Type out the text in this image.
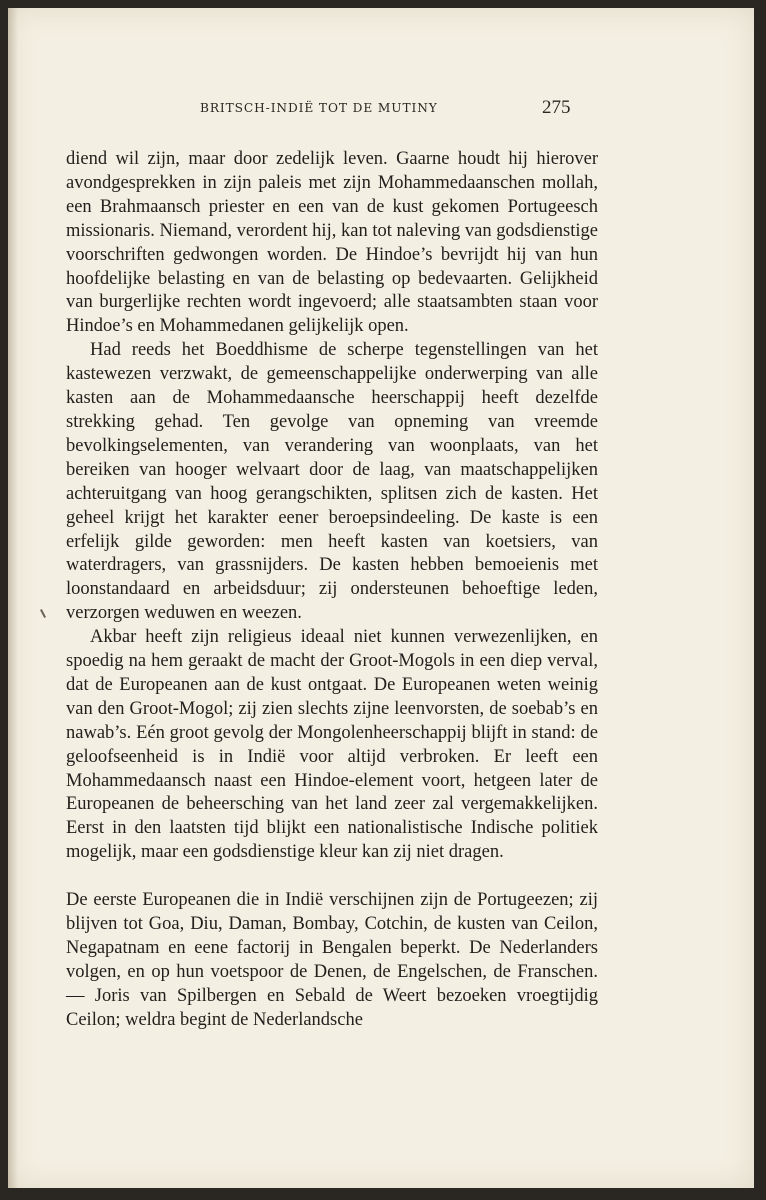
BRITSCH-INDIË TOT DE MUTINY	275

diend wil zijn, maar door zedelijk leven. Gaarne houdt hij hierover avondgesprekken in zijn paleis met zijn Mohammedaanschen mollah, een Brahmaansch priester en een van de kust gekomen Portugeesch missionaris. Niemand, verordent hij, kan tot naleving van godsdienstige voorschriften gedwongen worden. De Hindoe’s bevrijdt hij van hun hoofdelijke belasting en van de belasting op bedevaarten. Gelijkheid van burgerlijke rechten wordt ingevoerd; alle staatsambten staan voor Hindoe’s en Mohammedanen gelijkelijk open.

Had reeds het Boeddhisme de scherpe tegenstellingen van het kastewezen verzwakt, de gemeenschappelijke onderwerping van alle kasten aan de Mohammedaansche heerschappij heeft dezelfde strekking gehad. Ten gevolge van opneming van vreemde bevolkingselementen, van verandering van woonplaats, van het bereiken van hooger welvaart door de laag, van maatschappelijken achteruitgang van hoog gerangschikten, splitsen zich de kasten. Het geheel krijgt het karakter eener beroepsindeeling. De kaste is een erfelijk gilde geworden: men heeft kasten van koetsiers, van waterdragers, van grassnijders. De kasten hebben bemoeienis met loonstandaard en arbeidsduur; zij ondersteunen behoeftige leden, verzorgen weduwen en weezen.

Akbar heeft zijn religieus ideaal niet kunnen verwezenlijken, en spoedig na hem geraakt de macht der Groot-Mogols in een diep verval, dat de Europeanen aan de kust ontgaat. De Europeanen weten weinig van den Groot-Mogol; zij zien slechts zijne leenvorsten, de soebab’s en nawab’s. Eén groot gevolg der Mongolenheerschappij blijft in stand: de geloofseenheid is in Indië voor altijd verbroken. Er leeft een Mohammedaansch naast een Hindoe-element voort, hetgeen later de Europeanen de beheersching van het land zeer zal vergemakkelijken. Eerst in den laatsten tijd blijkt een nationalistische Indische politiek mogelijk, maar een godsdienstige kleur kan zij niet dragen.

De eerste Europeanen die in Indië verschijnen zijn de Portugeezen; zij blijven tot Goa, Diu, Daman, Bombay, Cotchin, de kusten van Ceilon, Negapatnam en eene factorij in Bengalen beperkt. De Nederlanders volgen, en op hun voetspoor de Denen, de Engelschen, de Franschen. — Joris van Spilbergen en Sebald de Weert bezoeken vroegtijdig Ceilon; weldra begint de Nederlandsche
